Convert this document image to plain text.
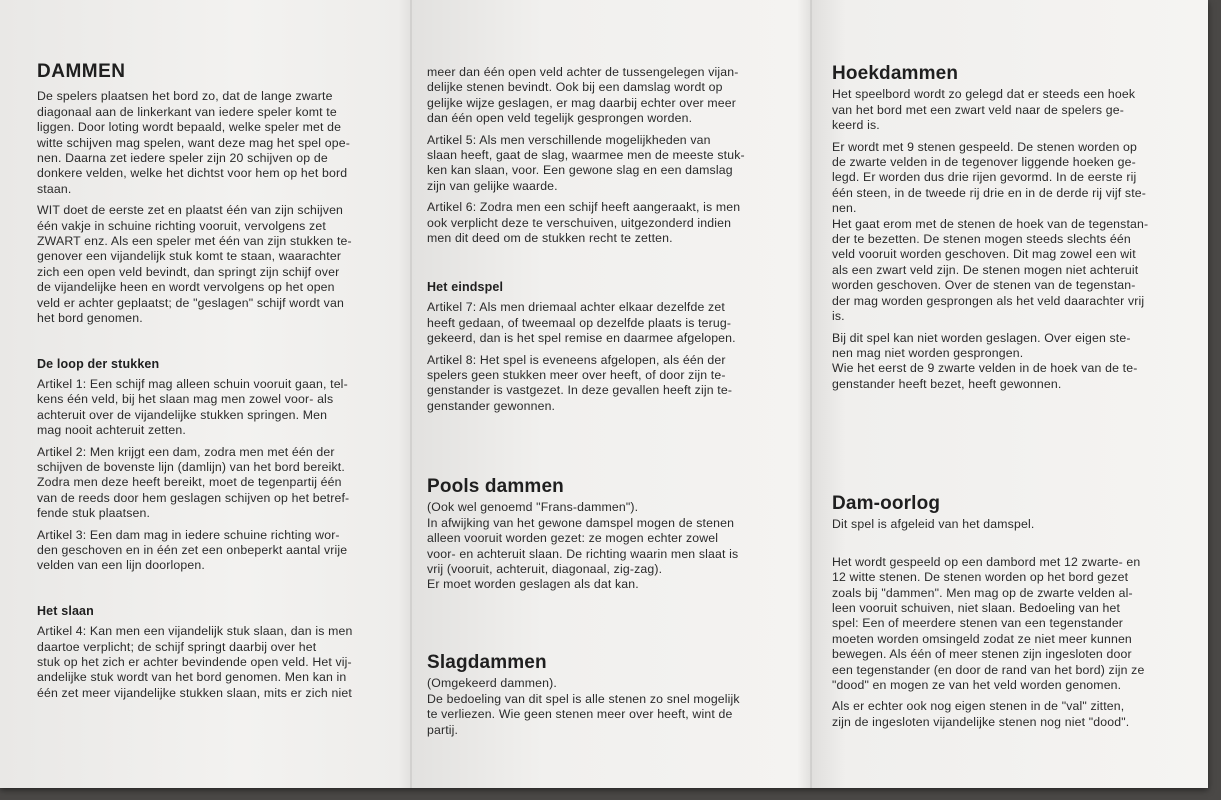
DAMMEN

De spelers plaatsen het bord zo, dat de lange zwarte
diagonaal aan de linkerkant van iedere speler komt te
liggen. Door loting wordt bepaald, welke speler met de
witte schijven mag spelen, want deze mag het spel ope-
nen. Daarna zet iedere speler zijn 20 schijven op de
donkere velden, welke het dichtst voor hem op het bord
staan.

WIT doet de eerste zet en plaatst één van zijn schijven
één vakje in schuine richting vooruit, vervolgens zet
ZWART enz. Als een speler met één van zijn stukken te-
genover een vijandelijk stuk komt te staan, waarachter
zich een open veld bevindt, dan springt zijn schijf over
de vijandelijke heen en wordt vervolgens op het open
veld er achter geplaatst; de "geslagen" schijf wordt van
het bord genomen.

De loop der stukken

Artikel 1: Een schijf mag alleen schuin vooruit gaan, tel-
kens één veld, bij het slaan mag men zowel voor- als
achteruit over de vijandelijke stukken springen. Men
mag nooit achteruit zetten.

Artikel 2: Men krijgt een dam, zodra men met één der
schijven de bovenste lijn (damlijn) van het bord bereikt.
Zodra men deze heeft bereikt, moet de tegenpartij één
van de reeds door hem geslagen schijven op het betref-
fende stuk plaatsen.

Artikel 3: Een dam mag in iedere schuine richting wor-
den geschoven en in één zet een onbeperkt aantal vrije
velden van een lijn doorlopen.

Het slaan

Artikel 4: Kan men een vijandelijk stuk slaan, dan is men
daartoe verplicht; de schijf springt daarbij over het
stuk op het zich er achter bevindende open veld. Het vij-
andelijke stuk wordt van het bord genomen. Men kan in
één zet meer vijandelijke stukken slaan, mits er zich niet

meer dan één open veld achter de tussengelegen vijan-
delijke stenen bevindt. Ook bij een damslag wordt op
gelijke wijze geslagen, er mag daarbij echter over meer
dan één open veld tegelijk gesprongen worden.

Artikel 5: Als men verschillende mogelijkheden van
slaan heeft, gaat de slag, waarmee men de meeste stuk-
ken kan slaan, voor. Een gewone slag en een damslag
zijn van gelijke waarde.

Artikel 6: Zodra men een schijf heeft aangeraakt, is men
ook verplicht deze te verschuiven, uitgezonderd indien
men dit deed om de stukken recht te zetten.

Het eindspel

Artikel 7: Als men driemaal achter elkaar dezelfde zet
heeft gedaan, of tweemaal op dezelfde plaats is terug-
gekeerd, dan is het spel remise en daarmee afgelopen.

Artikel 8: Het spel is eveneens afgelopen, als één der
spelers geen stukken meer over heeft, of door zijn te-
genstander is vastgezet. In deze gevallen heeft zijn te-
genstander gewonnen.

Pools dammen

(Ook wel genoemd "Frans-dammen").
In afwijking van het gewone damspel mogen de stenen
alleen vooruit worden gezet: ze mogen echter zowel
voor- en achteruit slaan. De richting waarin men slaat is
vrij (vooruit, achteruit, diagonaal, zig-zag).
Er moet worden geslagen als dat kan.

Slagdammen

(Omgekeerd dammen).
De bedoeling van dit spel is alle stenen zo snel mogelijk
te verliezen. Wie geen stenen meer over heeft, wint de
partij.

Hoekdammen

Het speelbord wordt zo gelegd dat er steeds een hoek
van het bord met een zwart veld naar de spelers ge-
keerd is.

Er wordt met 9 stenen gespeeld. De stenen worden op
de zwarte velden in de tegenover liggende hoeken ge-
legd. Er worden dus drie rijen gevormd. In de eerste rij
één steen, in de tweede rij drie en in de derde rij vijf ste-
nen.
Het gaat erom met de stenen de hoek van de tegenstan-
der te bezetten. De stenen mogen steeds slechts één
veld vooruit worden geschoven. Dit mag zowel een wit
als een zwart veld zijn. De stenen mogen niet achteruit
worden geschoven. Over de stenen van de tegenstan-
der mag worden gesprongen als het veld daarachter vrij
is.

Bij dit spel kan niet worden geslagen. Over eigen ste-
nen mag niet worden gesprongen.
Wie het eerst de 9 zwarte velden in de hoek van de te-
genstander heeft bezet, heeft gewonnen.

Dam-oorlog

Dit spel is afgeleid van het damspel.

Het wordt gespeeld op een dambord met 12 zwarte- en
12 witte stenen. De stenen worden op het bord gezet
zoals bij "dammen". Men mag op de zwarte velden al-
leen vooruit schuiven, niet slaan. Bedoeling van het
spel: Een of meerdere stenen van een tegenstander
moeten worden omsingeld zodat ze niet meer kunnen
bewegen. Als één of meer stenen zijn ingesloten door
een tegenstander (en door de rand van het bord) zijn ze
"dood" en mogen ze van het veld worden genomen.

Als er echter ook nog eigen stenen in de "val" zitten,
zijn de ingesloten vijandelijke stenen nog niet "dood".
